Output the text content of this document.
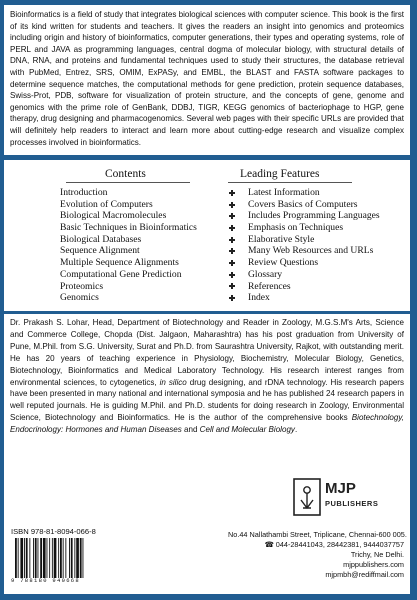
Bioinformatics is a field of study that integrates biological sciences with computer science. This book is the first of its kind written for students and teachers. It gives the readers an insight into genomics and proteomics including origin and history of bioinformatics, computer generations, their types and operating systems, role of PERL and JAVA as programming languages, central dogma of molecular biology, with structural details of DNA, RNA, and proteins and fundamental techniques used to study their structures, the database retrieval with PubMed, Entrez, SRS, OMIM, ExPASy, and EMBL, the BLAST and FASTA software packages to determine sequence matches, the computational methods for gene prediction, protein sequence databases, Swiss-Prot, PDB, software for visualization of protein structure, and the concepts of gene, genome and genomics with the prime role of GenBank, DDBJ, TIGR, KEGG genomics of bacteriophage to HGP, gene therapy, drug designing and pharmacogenomics. Several web pages with their specific URLs are provided that will definitely help readers to interact and learn more about cutting-edge research and visualize complex processes involved in bioinformatics.
Contents
Introduction
Evolution of Computers
Biological Macromolecules
Basic Techniques in Bioinformatics
Biological Databases
Sequence Alignment
Multiple Sequence Alignments
Computational Gene Prediction
Proteomics
Genomics
Leading Features
Latest Information
Covers Basics of Computers
Includes Programming Languages
Emphasis on Techniques
Elaborative Style
Many Web Resources and URLs
Review Questions
Glossary
References
Index
Dr. Prakash S. Lohar, Head, Department of Biotechnology and Reader in Zoology, M.G.S.M's Arts, Science and Commerce College, Chopda (Dist. Jalgaon, Maharashtra) has his post graduation from University of Pune, M.Phil. from S.G. University, Surat and Ph.D. from Saurashtra University, Rajkot, with outstanding merit. He has 20 years of teaching experience in Physiology, Biochemistry, Molecular Biology, Genetics, Biotechnology, Bioinformatics and Medical Laboratory Technology. His research interest ranges from environmental sciences, to cytogenetics, in silico drug designing, and rDNA technology. His research papers have been presented in many national and international symposia and he has published 24 research papers in well reputed journals. He is guiding M.Phil. and Ph.D. students for doing research in Zoology, Environmental Science, Biotechnology and Bioinformatics. He is the author of the comprehensive books Biotechnology, Endocrinology: Hormones and Human Diseases and Cell and Molecular Biology.
ISBN 978-81-8094-066-8
9 788180 940668
MJP
PUBLISHERS
No.44 Nallathambi Street, Triplicane, Chennai-600 005.
☎ 044-28441043, 28442381, 9444037757
Trichy, Ne Delhi.
mjppublishers.com
mjpmbh@rediffmail.com
